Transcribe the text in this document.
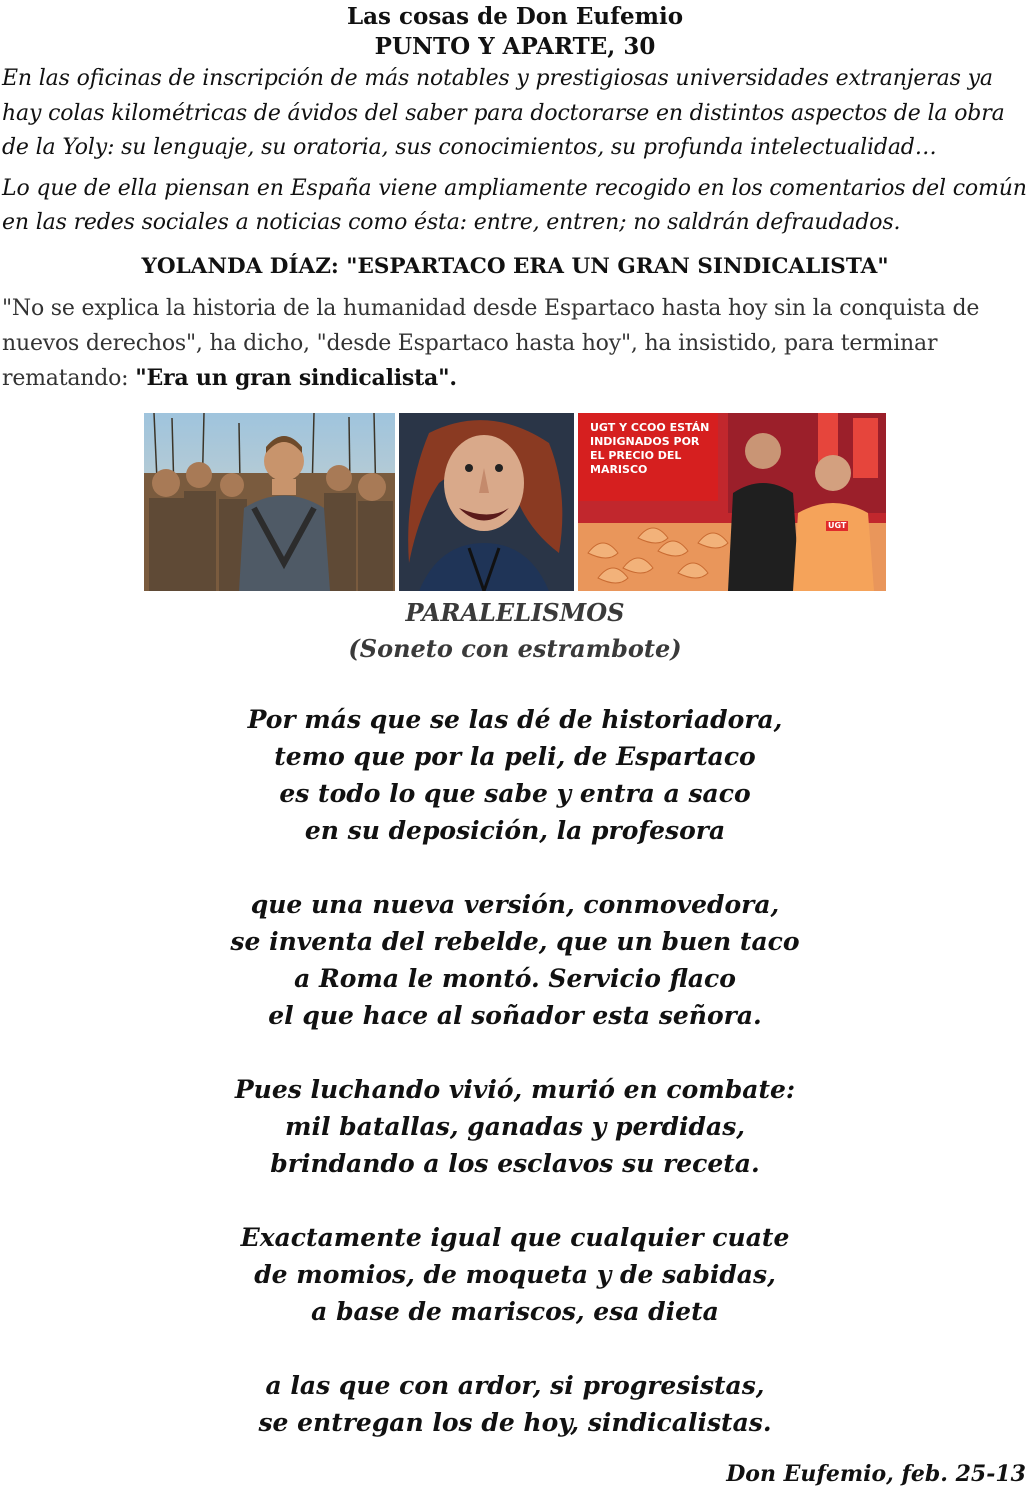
Las cosas de Don Eufemio
PUNTO Y APARTE, 30

En las oficinas de inscripción de más notables y prestigiosas universidades extranjeras ya hay colas kilométricas de ávidos del saber para doctorarse en distintos aspectos de la obra de la Yoly: su lenguaje, su oratoria, sus conocimientos, su profunda intelectualidad…

Lo que de ella piensan en España viene ampliamente recogido en los comentarios del común en las redes sociales a noticias como ésta: entre, entren; no saldrán defraudados.

YOLANDA DÍAZ: "ESPARTACO ERA UN GRAN SINDICALISTA"

"No se explica la historia de la humanidad desde Espartaco hasta hoy sin la conquista de nuevos derechos", ha dicho, "desde Espartaco hasta hoy", ha insistido, para terminar rematando: "Era un gran sindicalista".

UGT Y CCOO ESTÁN INDIGNADOS POR EL PRECIO DEL MARISCO
UGT
PARALELISMOS
(Soneto con estrambote)
Por más que se las dé de historiadora,
temo que por la peli, de Espartaco
es todo lo que sabe y entra a saco
en su deposición, la profesora
que una nueva versión, conmovedora,
se inventa del rebelde, que un buen taco
a Roma le montó. Servicio flaco
el que hace al soñador esta señora.
Pues luchando vivió, murió en combate:
mil batallas, ganadas y perdidas,
brindando a los esclavos su receta.
Exactamente igual que cualquier cuate
de momios, de moqueta y de sabidas,
a base de mariscos, esa dieta
a las que con ardor, si progresistas,
se entregan los de hoy, sindicalistas.
Don Eufemio, feb. 25-13
